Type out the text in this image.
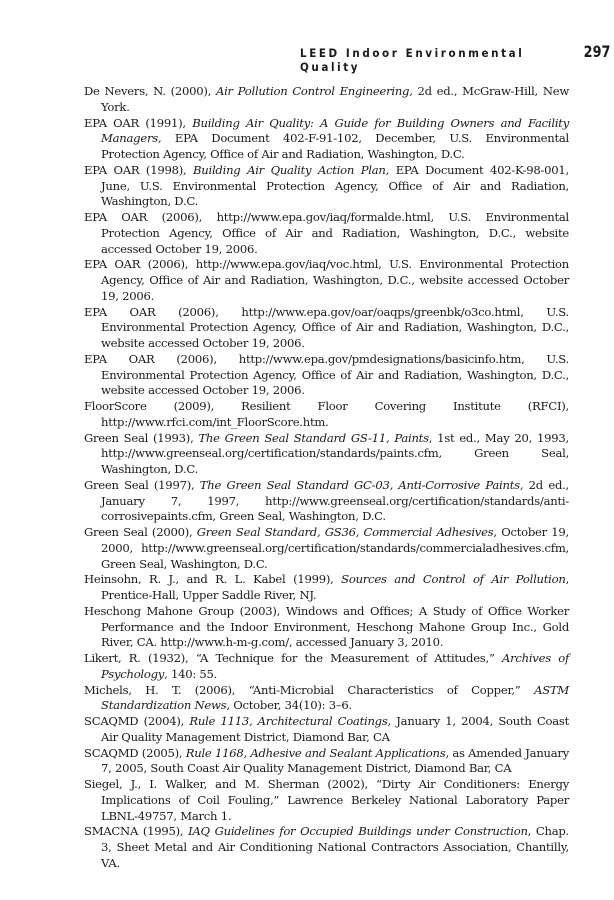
LEED Indoor Environmental Quality
297

De Nevers, N. (2000), Air Pollution Control Engineering, 2d ed., McGraw-Hill, New York.

EPA OAR (1991), Building Air Quality: A Guide for Building Owners and Facility Managers, EPA Document 402-F-91-102, December, U.S. Environmental Protection Agency, Office of Air and Radiation, Washington, D.C.

EPA OAR (1998), Building Air Quality Action Plan, EPA Document 402-K-98-001, June, U.S. Environmental Protection Agency, Office of Air and Radiation, Washington, D.C.

EPA OAR (2006), http://www.epa.gov/iaq/formalde.html, U.S. Environmental Protection Agency, Office of Air and Radiation, Washington, D.C., website accessed October 19, 2006.

EPA OAR (2006), http://www.epa.gov/iaq/voc.html, U.S. Environmental Protection Agency, Office of Air and Radiation, Washington, D.C., website accessed October 19, 2006.

EPA OAR (2006), http://www.epa.gov/oar/oaqps/greenbk/o3co.html, U.S. Environmental Protection Agency, Office of Air and Radiation, Washington, D.C., website accessed October 19, 2006.

EPA OAR (2006), http://www.epa.gov/pmdesignations/basicinfo.htm, U.S. Environmental Protection Agency, Office of Air and Radiation, Washington, D.C., website accessed October 19, 2006.

FloorScore (2009), Resilient Floor Covering Institute (RFCI), http://www.rfci.com/int_FloorScore.htm.

Green Seal (1993), The Green Seal Standard GS-11, Paints, 1st ed., May 20, 1993, http://www.greenseal.org/certification/standards/paints.cfm, Green Seal, Washington, D.C.

Green Seal (1997), The Green Seal Standard GC-03, Anti-Corrosive Paints, 2d ed., January 7, 1997, http://www.greenseal.org/certification/standards/anti-corrosivepaints.cfm, Green Seal, Washington, D.C.

Green Seal (2000), Green Seal Standard, GS36, Commercial Adhesives, October 19, 2000, http://www.greenseal.org/certification/standards/commercialadhesives.cfm, Green Seal, Washington, D.C.

Heinsohn, R. J., and R. L. Kabel (1999), Sources and Control of Air Pollution, Prentice-Hall, Upper Saddle River, NJ.

Heschong Mahone Group (2003), Windows and Offices; A Study of Office Worker Performance and the Indoor Environment, Heschong Mahone Group Inc., Gold River, CA. http://www.h-m-g.com/, accessed January 3, 2010.

Likert, R. (1932), “A Technique for the Measurement of Attitudes,” Archives of Psychology, 140: 55.

Michels, H. T. (2006), “Anti-Microbial Characteristics of Copper,” ASTM Standardization News, October, 34(10): 3–6.

SCAQMD (2004), Rule 1113, Architectural Coatings, January 1, 2004, South Coast Air Quality Management District, Diamond Bar, CA

SCAQMD (2005), Rule 1168, Adhesive and Sealant Applications, as Amended January 7, 2005, South Coast Air Quality Management District, Diamond Bar, CA

Siegel, J., I. Walker, and M. Sherman (2002), “Dirty Air Conditioners: Energy Implications of Coil Fouling,” Lawrence Berkeley National Laboratory Paper LBNL-49757, March 1.

SMACNA (1995), IAQ Guidelines for Occupied Buildings under Construction, Chap. 3, Sheet Metal and Air Conditioning National Contractors Association, Chantilly, VA.
